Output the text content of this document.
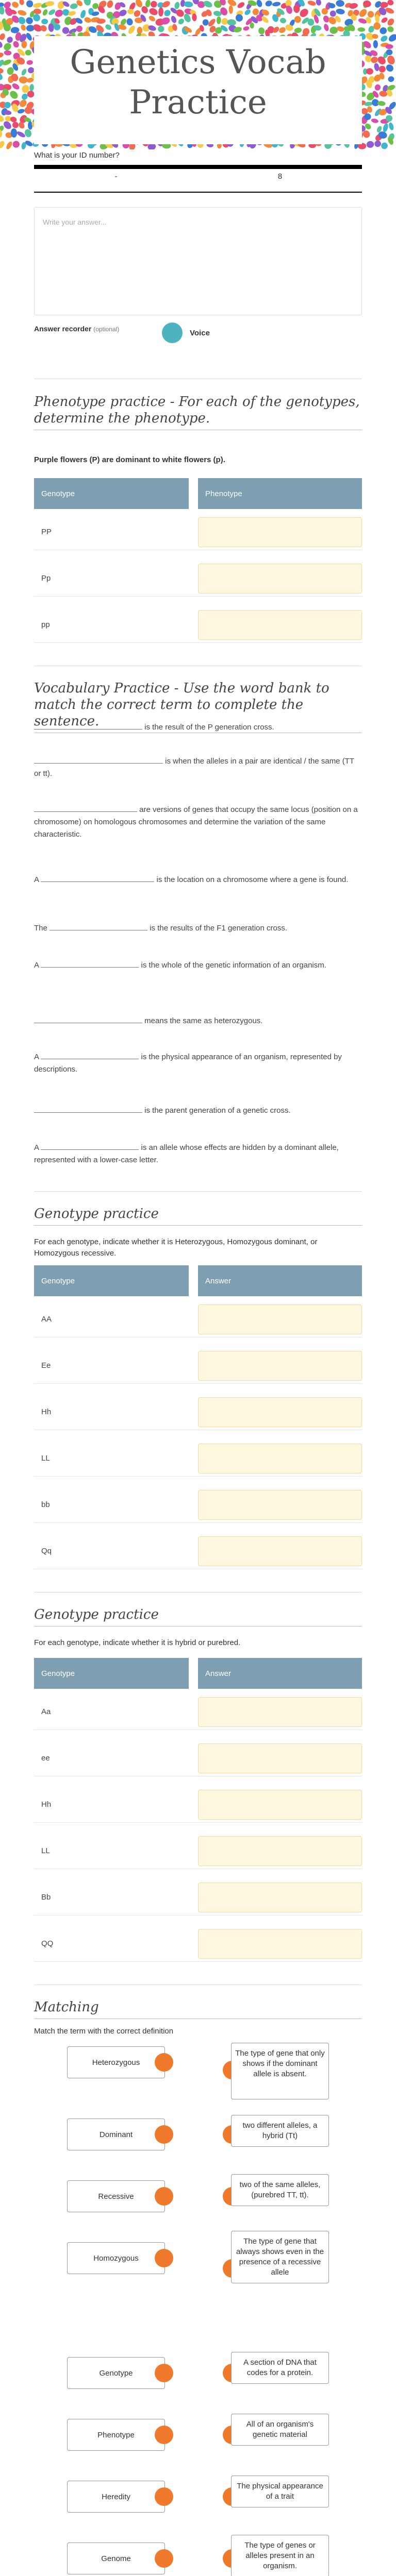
Genetics Vocab Practice
What is your ID number?
-	8
Write your answer...
Answer recorder (optional)	Voice
Phenotype practice - For each of the genotypes, determine the phenotype.
Purple flowers (P) are dominant to white flowers (p).
Genotype	Phenotype
PP
Pp
pp
Vocabulary Practice - Use the word bank to match the correct term to complete the sentence.	is the result of the P generation cross.
is when the alleles in a pair are identical / the same (TT or tt).
are versions of genes that occupy the same locus (position on a chromosome) on homologous chromosomes and determine the variation of the same characteristic.
A	is the location on a chromosome where a gene is found.
The	is the results of the F1 generation cross.
A	is the whole of the genetic information of an organism.
means the same as heterozygous.
A	is the physical appearance of an organism, represented by descriptions.
is the parent generation of a genetic cross.
A	is an allele whose effects are hidden by a dominant allele, represented with a lower-case letter.
Genotype practice
For each genotype, indicate whether it is Heterozygous, Homozygous dominant, or Homozygous recessive.
Genotype	Answer
AA
Ee
Hh
LL
bb
Qq
Genotype practice
For each genotype, indicate whether it is hybrid or purebred.
Genotype	Answer
Aa
ee
Hh
LL
Bb
QQ
Matching
Match the term with the correct definition
Heterozygous
Dominant
Recessive
Homozygous
Genotype
Phenotype
Heredity
Genome
The type of gene that only shows if the dominant allele is absent.
two different alleles, a hybrid (Tt)
two of the same alleles, (purebred TT, tt).
The type of gene that always shows even in the presence of a recessive allele
A section of DNA that codes for a protein.
All of an organism's genetic material
The physical appearance of a trait
The type of genes or alleles present in an organism.
